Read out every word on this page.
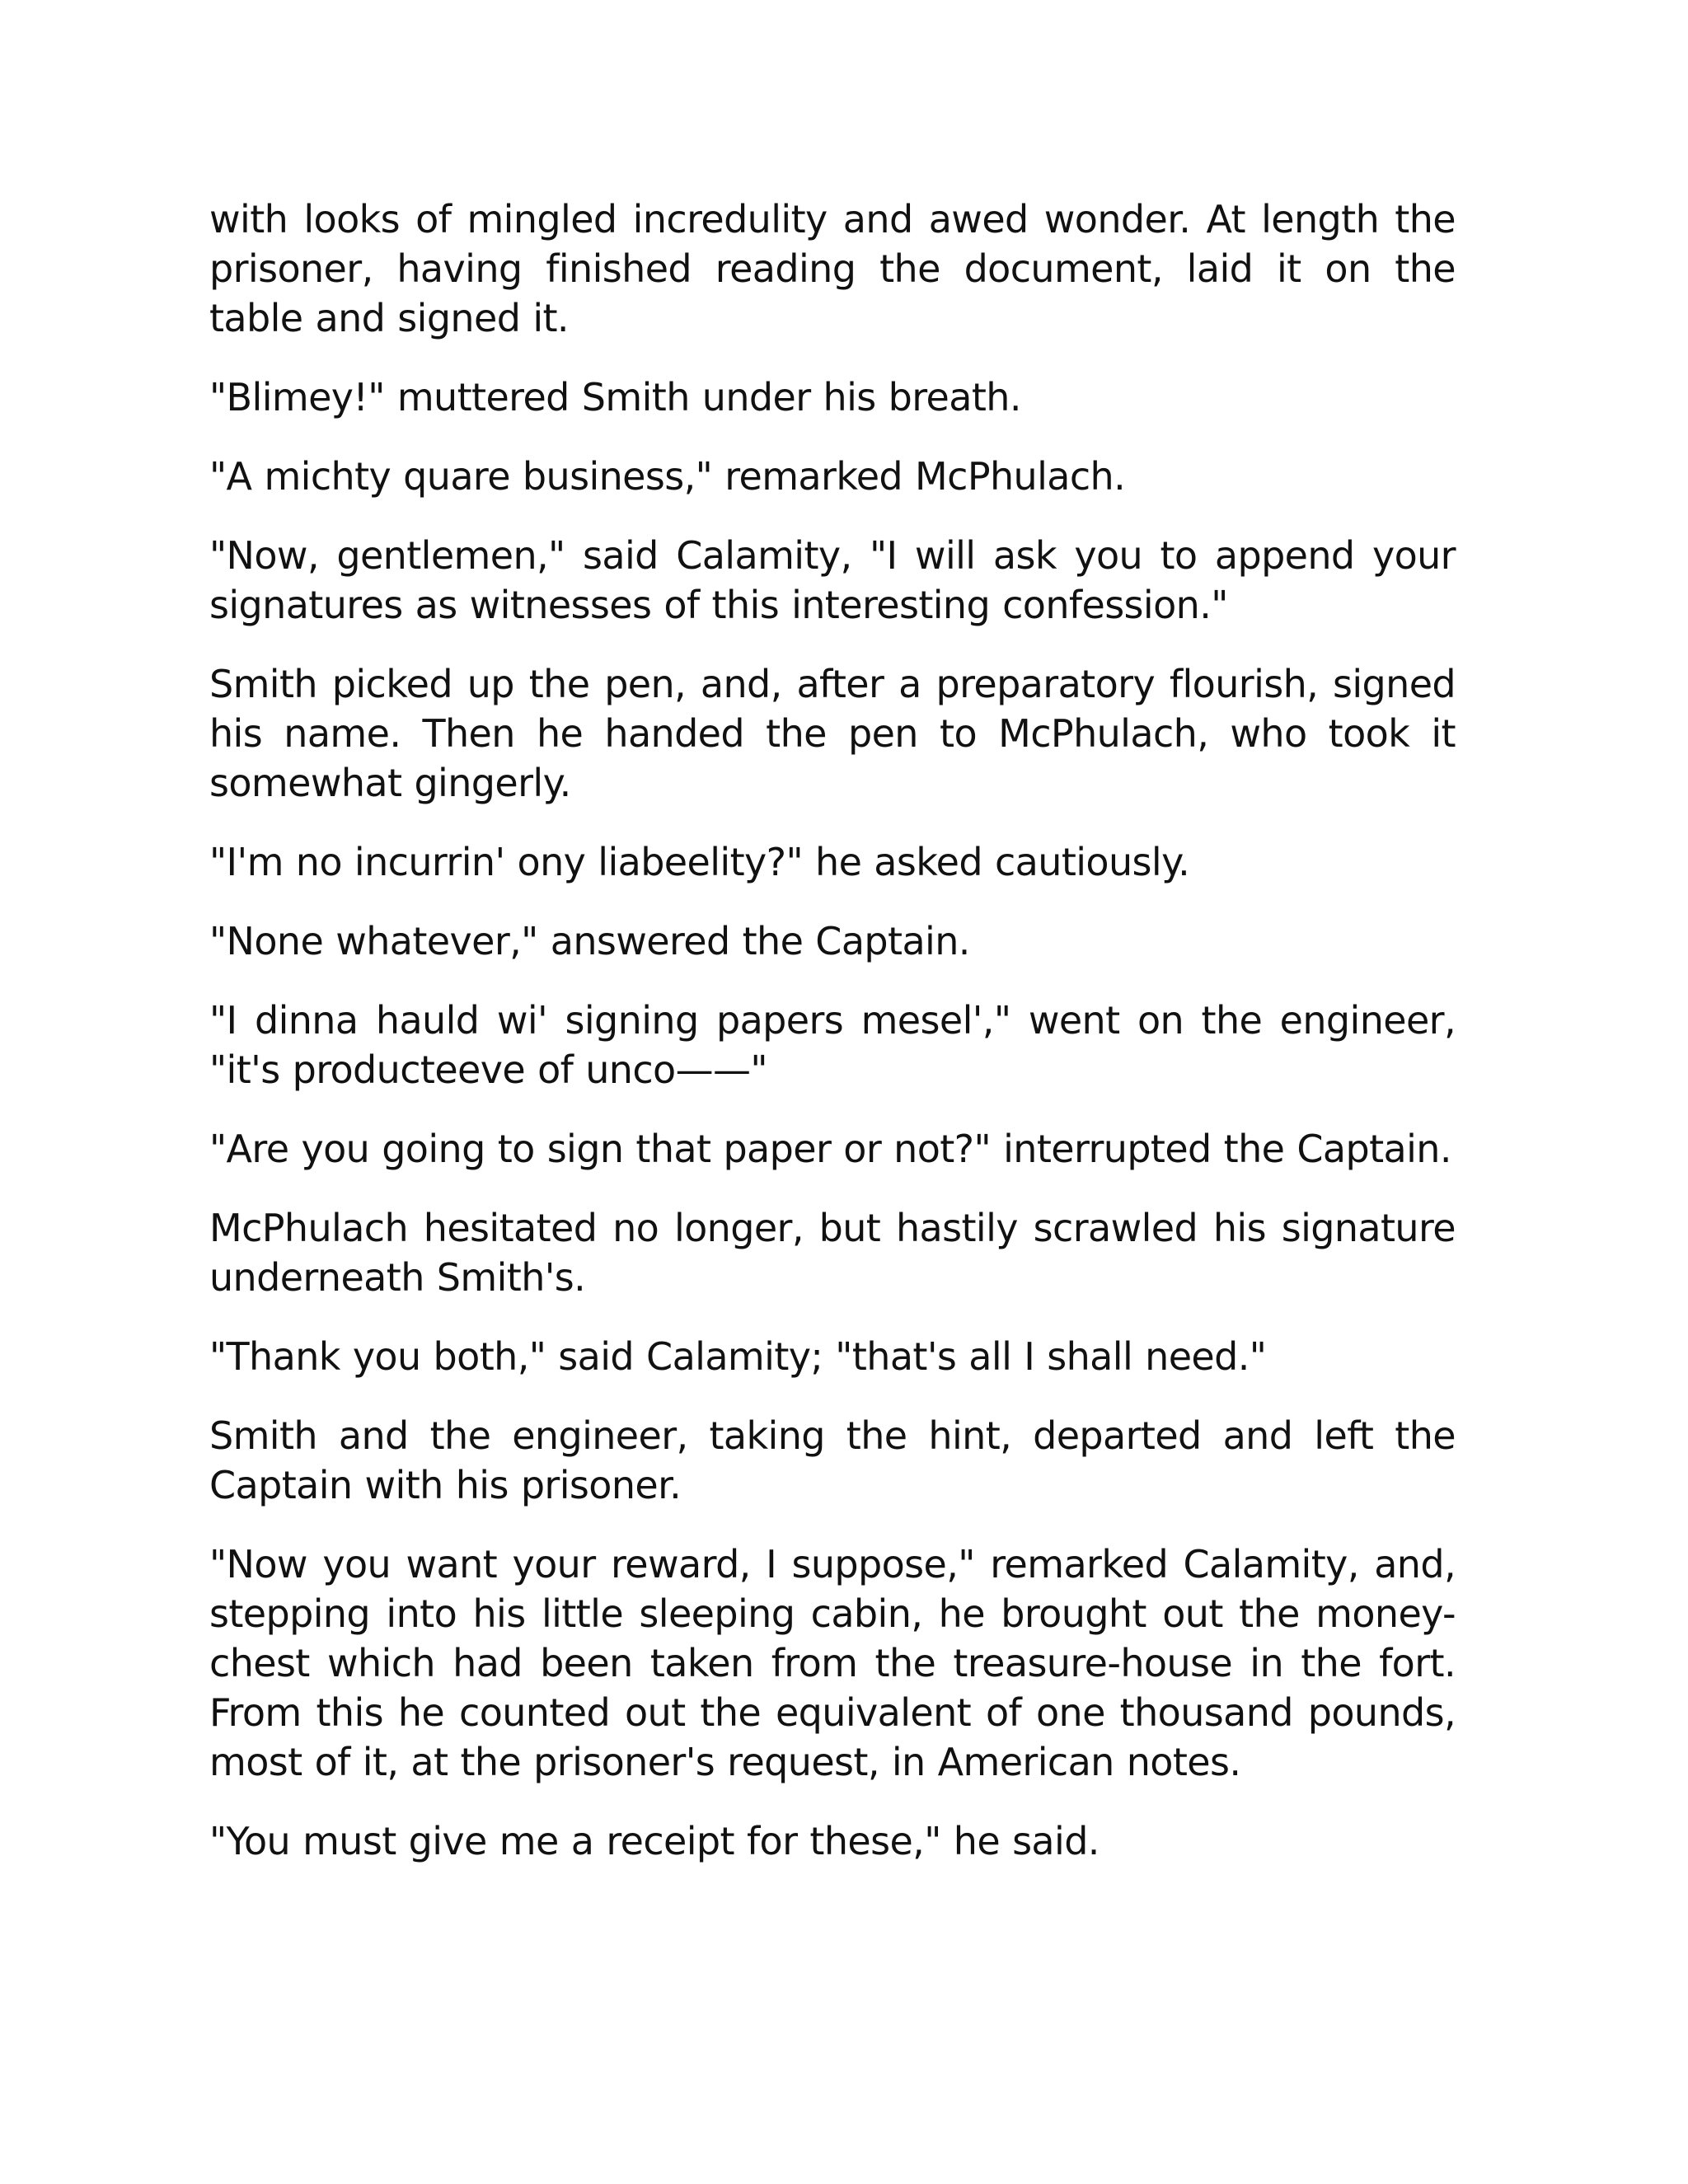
with looks of mingled incredulity and awed wonder. At length the prisoner, having finished reading the document, laid it on the table and signed it.

"Blimey!" muttered Smith under his breath.

"A michty quare business," remarked McPhulach.

"Now, gentlemen," said Calamity, "I will ask you to append your signatures as witnesses of this interesting confession."

Smith picked up the pen, and, after a preparatory flourish, signed his name. Then he handed the pen to McPhulach, who took it somewhat gingerly.

"I'm no incurrin' ony liabeelity?" he asked cautiously.

"None whatever," answered the Captain.

"I dinna hauld wi' signing papers mesel'," went on the engineer, "it's producteeve of unco——"

"Are you going to sign that paper or not?" interrupted the Captain.

McPhulach hesitated no longer, but hastily scrawled his signature underneath Smith's.

"Thank you both," said Calamity; "that's all I shall need."

Smith and the engineer, taking the hint, departed and left the Captain with his prisoner.

"Now you want your reward, I suppose," remarked Calamity, and, stepping into his little sleeping cabin, he brought out the money-chest which had been taken from the treasure-house in the fort. From this he counted out the equivalent of one thousand pounds, most of it, at the prisoner's request, in American notes.

"You must give me a receipt for these," he said.
